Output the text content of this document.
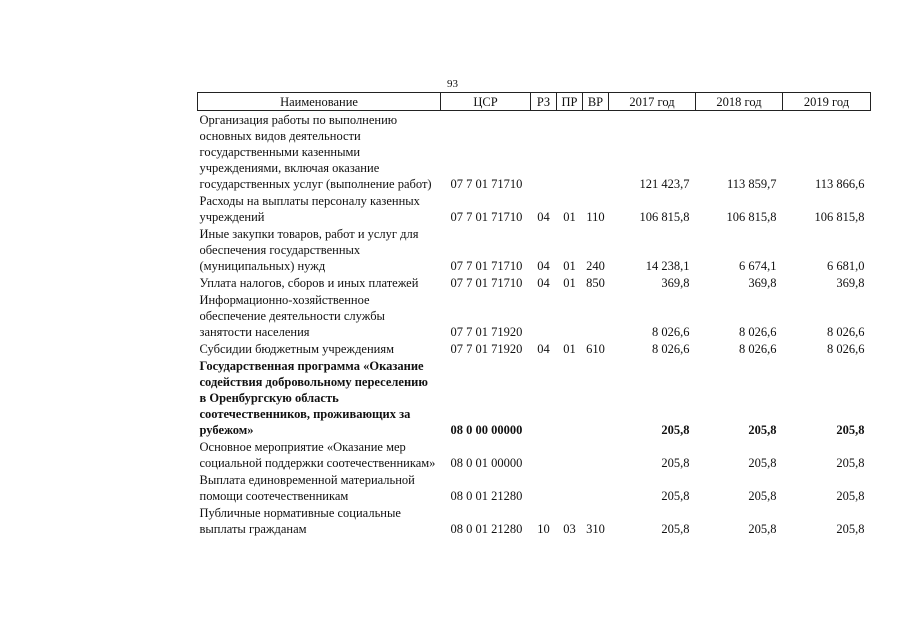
93
Наименование	ЦСР	РЗ	ПР	ВР	2017 год	2018 год	2019 год
Организация работы по выполнению основных видов деятельности государственными казенными учреждениями, включая оказание государственных услуг (выполнение работ)	07 7 01 71710				121 423,7	113 859,7	113 866,6
Расходы на выплаты персоналу казенных учреждений	07 7 01 71710	04	01	110	106 815,8	106 815,8	106 815,8
Иные закупки товаров, работ и услуг для обеспечения государственных (муниципальных) нужд	07 7 01 71710	04	01	240	14 238,1	6 674,1	6 681,0
Уплата налогов, сборов и иных платежей	07 7 01 71710	04	01	850	369,8	369,8	369,8
Информационно-хозяйственное обеспечение деятельности службы занятости населения	07 7 01 71920				8 026,6	8 026,6	8 026,6
Субсидии бюджетным учреждениям	07 7 01 71920	04	01	610	8 026,6	8 026,6	8 026,6
Государственная программа «Оказание содействия добровольному переселению в Оренбургскую область соотечественников, проживающих за рубежом»	08 0 00 00000				205,8	205,8	205,8
Основное мероприятие «Оказание мер социальной поддержки соотечественникам»	08 0 01 00000				205,8	205,8	205,8
Выплата единовременной материальной помощи соотечественникам	08 0 01 21280				205,8	205,8	205,8
Публичные нормативные социальные выплаты гражданам	08 0 01 21280	10	03	310	205,8	205,8	205,8
